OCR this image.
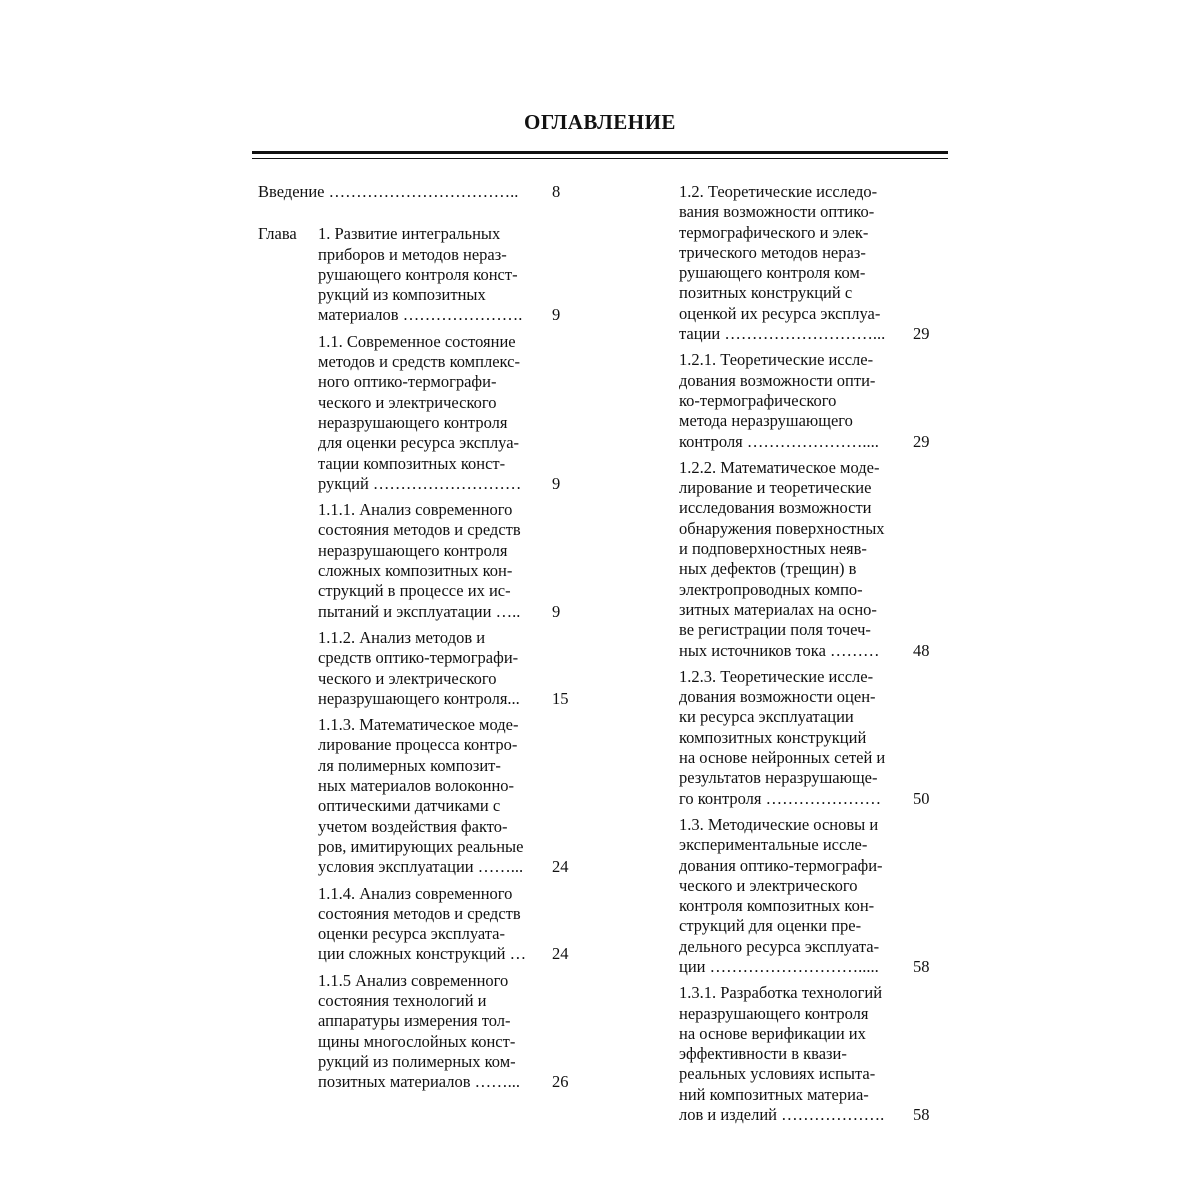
ОГЛАВЛЕНИЕ
Введение ……………………………..	8
Глава	1. Развитие интегральных
приборов и методов нераз-
рушающего контроля конст-
рукций из композитных
материалов ………………….	9
1.1. Современное состояние
методов и средств комплекс-
ного оптико-термографи-
ческого и электрического
неразрушающего контроля
для оценки ресурса эксплуа-
тации композитных конст-
рукций ………………………	9
1.1.1. Анализ современного
состояния методов и средств
неразрушающего контроля
сложных композитных кон-
струкций в процессе их ис-
пытаний и эксплуатации …..	9
1.1.2. Анализ методов и
средств оптико-термографи-
ческого и электрического
неразрушающего контроля...	15
1.1.3. Математическое моде-
лирование процесса контро-
ля полимерных композит-
ных материалов волоконно-
оптическими датчиками с
учетом воздействия факто-
ров, имитирующих реальные
условия эксплуатации ……...	24
1.1.4. Анализ современного
состояния методов и средств
оценки ресурса эксплуата-
ции сложных конструкций …	24
1.1.5 Анализ современного
состояния технологий и
аппаратуры измерения тол-
щины многослойных конст-
рукций из полимерных ком-
позитных материалов ……...	26
1.2. Теоретические исследо-
вания возможности оптико-
термографического и элек-
трического методов нераз-
рушающего контроля ком-
позитных конструкций с
оценкой их ресурса эксплуа-
тации ………………………...	29
1.2.1. Теоретические иссле-
дования возможности опти-
ко-термографического
метода неразрушающего
контроля …………………....	29
1.2.2. Математическое моде-
лирование и теоретические
исследования возможности
обнаружения поверхностных
и подповерхностных неяв-
ных дефектов (трещин) в
электропроводных компо-
зитных материалах на осно-
ве регистрации поля точеч-
ных источников тока ………	48
1.2.3. Теоретические иссле-
дования возможности оцен-
ки ресурса эксплуатации
композитных конструкций
на основе нейронных сетей и
результатов неразрушающе-
го контроля …………………	50
1.3. Методические основы и
экспериментальные иссле-
дования оптико-термографи-
ческого и электрического
контроля композитных кон-
струкций для оценки пре-
дельного ресурса эксплуата-
ции ……………………….....	58
1.3.1. Разработка технологий
неразрушающего контроля
на основе верификации их
эффективности в квази-
реальных условиях испыта-
ний композитных материа-
лов и изделий ……………….	58
